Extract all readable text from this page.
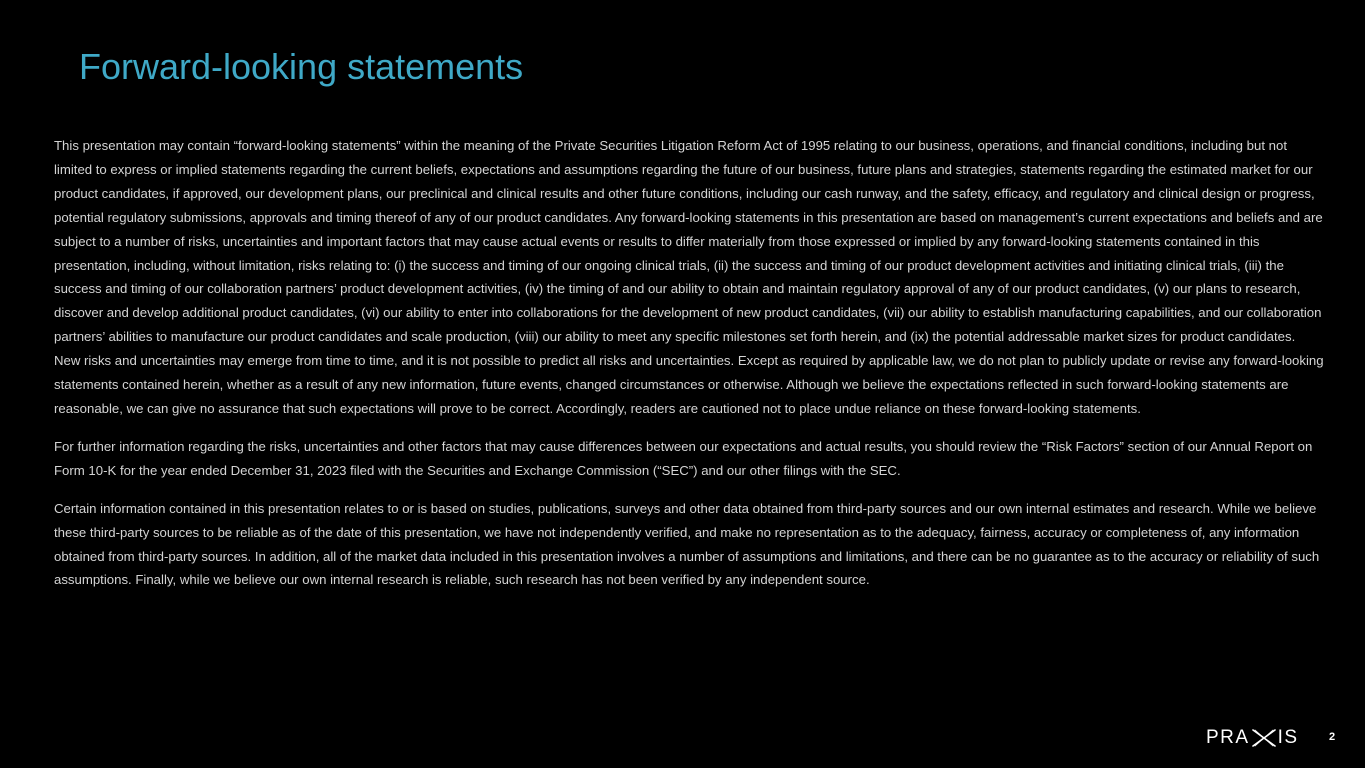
Forward-looking statements

This presentation may contain “forward-looking statements” within the meaning of the Private Securities Litigation Reform Act of 1995 relating to our business, operations, and financial conditions, including but not limited to express or implied statements regarding the current beliefs, expectations and assumptions regarding the future of our business, future plans and strategies, statements regarding the estimated market for our product candidates, if approved, our development plans, our preclinical and clinical results and other future conditions, including our cash runway, and the safety, efficacy, and regulatory and clinical design or progress, potential regulatory submissions, approvals and timing thereof of any of our product candidates. Any forward-looking statements in this presentation are based on management’s current expectations and beliefs and are subject to a number of risks, uncertainties and important factors that may cause actual events or results to differ materially from those expressed or implied by any forward-looking statements contained in this presentation, including, without limitation, risks relating to: (i) the success and timing of our ongoing clinical trials, (ii) the success and timing of our product development activities and initiating clinical trials, (iii) the success and timing of our collaboration partners’ product development activities, (iv) the timing of and our ability to obtain and maintain regulatory approval of any of our product candidates, (v) our plans to research, discover and develop additional product candidates, (vi) our ability to enter into collaborations for the development of new product candidates, (vii) our ability to establish manufacturing capabilities, and our collaboration partners’ abilities to manufacture our product candidates and scale production, (viii) our ability to meet any specific milestones set forth herein, and (ix) the potential addressable market sizes for product candidates. New risks and uncertainties may emerge from time to time, and it is not possible to predict all risks and uncertainties. Except as required by applicable law, we do not plan to publicly update or revise any forward-looking statements contained herein, whether as a result of any new information, future events, changed circumstances or otherwise. Although we believe the expectations reflected in such forward-looking statements are reasonable, we can give no assurance that such expectations will prove to be correct. Accordingly, readers are cautioned not to place undue reliance on these forward-looking statements.

For further information regarding the risks, uncertainties and other factors that may cause differences between our expectations and actual results, you should review the “Risk Factors” section of our Annual Report on Form 10-K for the year ended December 31, 2023 filed with the Securities and Exchange Commission (“SEC”) and our other filings with the SEC.

Certain information contained in this presentation relates to or is based on studies, publications, surveys and other data obtained from third-party sources and our own internal estimates and research. While we believe these third-party sources to be reliable as of the date of this presentation, we have not independently verified, and make no representation as to the adequacy, fairness, accuracy or completeness of, any information obtained from third-party sources. In addition, all of the market data included in this presentation involves a number of assumptions and limitations, and there can be no guarantee as to the accuracy or reliability of such assumptions. Finally, while we believe our own internal research is reliable, such research has not been verified by any independent source.

PRA IS	2
